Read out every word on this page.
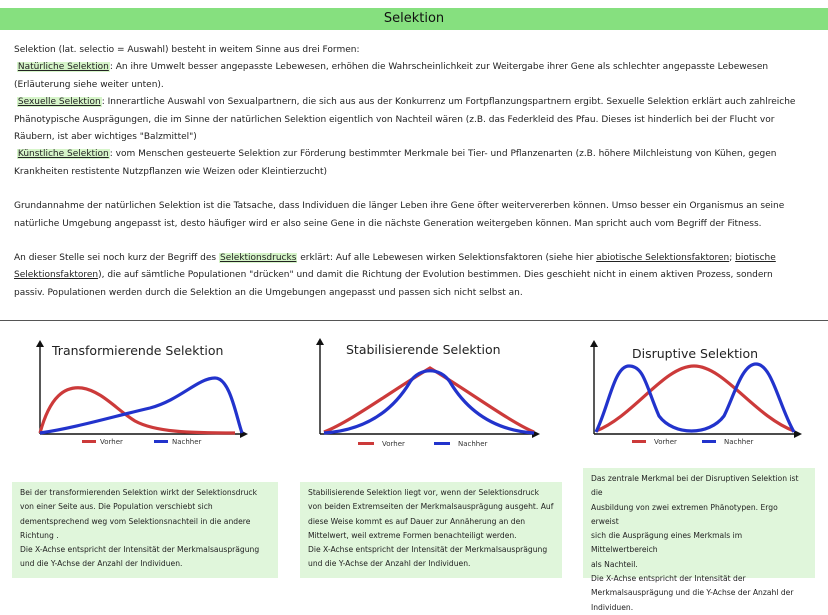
Selektion

Selektion (lat. selectio = Auswahl) besteht in weitem Sinne aus drei Formen:

Natürliche Selektion: An ihre Umwelt besser angepasste Lebewesen, erhöhen die Wahrscheinlichkeit zur Weitergabe ihrer Gene als schlechter angepasste Lebewesen (Erläuterung siehe weiter unten).

Sexuelle Selektion: Innerartliche Auswahl von Sexualpartnern, die sich aus aus der Konkurrenz um Fortpflanzungspartnern ergibt. Sexuelle Selektion erklärt auch zahlreiche Phänotypische Ausprägungen, die im Sinne der natürlichen Selektion eigentlich von Nachteil wären (z.B. das Federkleid des Pfau. Dieses ist hinderlich bei der Flucht vor Räubern, ist aber wichtiges "Balzmittel")

Künstliche Selektion: vom Menschen gesteuerte Selektion zur Förderung bestimmter Merkmale bei Tier- und Pflanzenarten (z.B. höhere Milchleistung von Kühen, gegen Krankheiten restistente Nutzpflanzen wie Weizen oder Kleintierzucht)

Grundannahme der natürlichen Selektion ist die Tatsache, dass Individuen die länger Leben ihre Gene öfter weitervererben können. Umso besser ein Organismus an seine natürliche Umgebung angepasst ist, desto häufiger wird er also seine Gene in die nächste Generation weitergeben können. Man spricht auch vom Begriff der Fitness.

An dieser Stelle sei noch kurz der Begriff des Selektionsdrucks erklärt: Auf alle Lebewesen wirken Selektionsfaktoren (siehe hier abiotische Selektionsfaktoren; biotische Selektionsfaktoren), die auf sämtliche Populationen "drücken" und damit die Richtung der Evolution bestimmen. Dies geschieht nicht in einem aktiven Prozess, sondern passiv. Populationen werden durch die Selektion an die Umgebungen angepasst und passen sich nicht selbst an.

Transformierende Selektion
Vorher	Nachher
Stabilisierende Selektion
Vorher	Nachher
Disruptive Selektion
Vorher	Nachher

Bei der transformierenden Selektion wirkt der Selektionsdruck

von einer Seite aus. Die Population verschiebt sich

dementsprechend weg vom Selektionsnachteil in die andere

Richtung .

Die X-Achse entspricht der Intensität der Merkmalsausprägung

und die Y-Achse der Anzahl der Individuen.

Stabilisierende Selektion liegt vor, wenn der Selektionsdruck

von beiden Extremseiten der Merkmalsausprägung ausgeht. Auf

diese Weise kommt es auf Dauer zur Annäherung an den

Mittelwert, weil extreme Formen benachteiligt werden.

Die X-Achse entspricht der Intensität der Merkmalsausprägung

und die Y-Achse der Anzahl der Individuen.

Das zentrale Merkmal bei der Disruptiven Selektion ist die

Ausbildung von zwei extremen Phänotypen. Ergo erweist

sich die Ausprägung eines Merkmals im Mittelwertbereich

als Nachteil.

Die X-Achse entspricht der Intensität der

Merkmalsausprägung und die Y-Achse der Anzahl der

Individuen.
